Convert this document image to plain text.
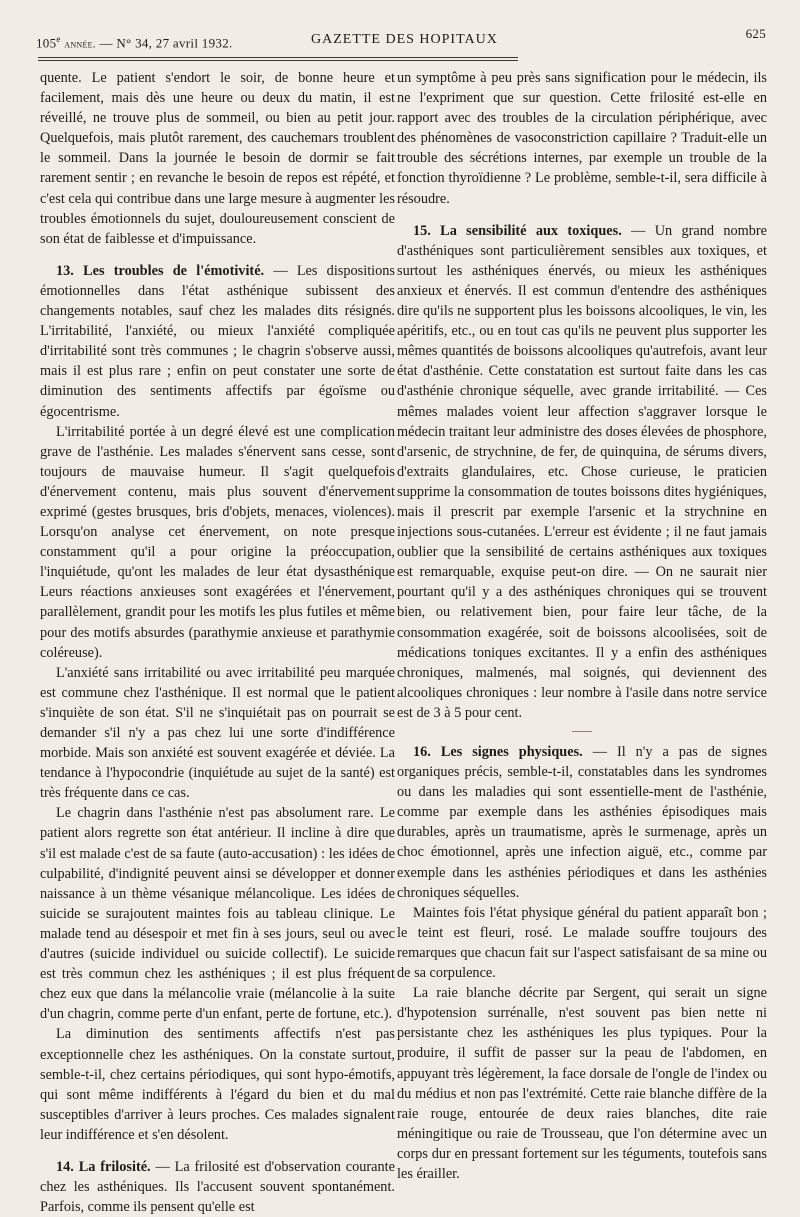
105e année. — N° 34, 27 avril 1932.	GAZETTE DES HOPITAUX	625

quente. Le patient s'endort le soir, de bonne heure et facilement, mais dès une heure ou deux du matin, il est réveillé, ne trouve plus de sommeil, ou bien au petit jour. Quelquefois, mais plutôt rarement, des cauchemars troublent le sommeil. Dans la journée le besoin de dormir se fait rarement sentir ; en revanche le besoin de repos est répété, et c'est cela qui contribue dans une large mesure à augmenter les troubles émotionnels du sujet, douloureusement conscient de son état de faiblesse et d'impuissance.

13. Les troubles de l'émotivité. — Les dispositions émotionnelles dans l'état asthénique subissent des changements notables, sauf chez les malades dits résignés. L'irritabilité, l'anxiété, ou mieux l'anxiété compliquée d'irritabilité sont très communes ; le chagrin s'observe aussi, mais il est plus rare ; enfin on peut constater une sorte de diminution des sentiments affectifs par égoïsme ou égocentrisme.

L'irritabilité portée à un degré élevé est une complication grave de l'asthénie. Les malades s'énervent sans cesse, sont toujours de mauvaise humeur. Il s'agit quelquefois d'énervement contenu, mais plus souvent d'énervement exprimé (gestes brusques, bris d'objets, menaces, violences). Lorsqu'on analyse cet énervement, on note presque constamment qu'il a pour origine la préoccupation, l'inquiétude, qu'ont les malades de leur état dysasthénique Leurs réactions anxieuses sont exagérées et l'énervement, parallèlement, grandit pour les motifs les plus futiles et même pour des motifs absurdes (parathymie anxieuse et parathymie coléreuse).

L'anxiété sans irritabilité ou avec irritabilité peu marquée est commune chez l'asthénique. Il est normal que le patient s'inquiète de son état. S'il ne s'inquiétait pas on pourrait se demander s'il n'y a pas chez lui une sorte d'indifférence morbide. Mais son anxiété est souvent exagérée et déviée. La tendance à l'hypocondrie (inquiétude au sujet de la santé) est très fréquente dans ce cas.

Le chagrin dans l'asthénie n'est pas absolument rare. Le patient alors regrette son état antérieur. Il incline à dire que s'il est malade c'est de sa faute (auto-accusation) : les idées de culpabilité, d'indignité peuvent ainsi se développer et donner naissance à un thème vésanique mélancolique. Les idées de suicide se surajoutent maintes fois au tableau clinique. Le malade tend au désespoir et met fin à ses jours, seul ou avec d'autres (suicide individuel ou suicide collectif). Le suicide est très commun chez les asthéniques ; il est plus fréquent chez eux que dans la mélancolie vraie (mélancolie à la suite d'un chagrin, comme perte d'un enfant, perte de fortune, etc.).

La diminution des sentiments affectifs n'est pas exceptionnelle chez les asthéniques. On la constate surtout, semble-t-il, chez certains périodiques, qui sont hypo-émotifs, qui sont même indifférents à l'égard du bien et du mal susceptibles d'arriver à leurs proches. Ces malades signalent leur indifférence et s'en désolent.

14. La frilosité. — La frilosité est d'observation courante chez les asthéniques. Ils l'accusent souvent spontanément. Parfois, comme ils pensent qu'elle est

un symptôme à peu près sans signification pour le médecin, ils ne l'expriment que sur question. Cette frilosité est-elle en rapport avec des troubles de la circulation périphérique, avec des phénomènes de vasoconstriction capillaire ? Traduit-elle un trouble des sécrétions internes, par exemple un trouble de la fonction thyroïdienne ? Le problème, semble-t-il, sera difficile à résoudre.

15. La sensibilité aux toxiques. — Un grand nombre d'asthéniques sont particulièrement sensibles aux toxiques, et surtout les asthéniques énervés, ou mieux les asthéniques anxieux et énervés. Il est commun d'entendre des asthéniques dire qu'ils ne supportent plus les boissons alcooliques, le vin, les apéritifs, etc., ou en tout cas qu'ils ne peuvent plus supporter les mêmes quantités de boissons alcooliques qu'autrefois, avant leur état d'asthénie. Cette constatation est surtout faite dans les cas d'asthénie chronique séquelle, avec grande irritabilité. — Ces mêmes malades voient leur affection s'aggraver lorsque le médecin traitant leur administre des doses élevées de phosphore, d'arsenic, de strychnine, de fer, de quinquina, de sérums divers, d'extraits glandulaires, etc. Chose curieuse, le praticien supprime la consommation de toutes boissons dites hygiéniques, mais il prescrit par exemple l'arsenic et la strychnine en injections sous-cutanées. L'erreur est évidente ; il ne faut jamais oublier que la sensibilité de certains asthéniques aux toxiques est remarquable, exquise peut-on dire. — On ne saurait nier pourtant qu'il y a des asthéniques chroniques qui se trouvent bien, ou relativement bien, pour faire leur tâche, de la consommation exagérée, soit de boissons alcoolisées, soit de médications toniques excitantes. Il y a enfin des asthéniques chroniques, malmenés, mal soignés, qui deviennent des alcooliques chroniques : leur nombre à l'asile dans notre service est de 3 à 5 pour cent.

16. Les signes physiques. — Il n'y a pas de signes organiques précis, semble-t-il, constatables dans les syndromes ou dans les maladies qui sont essentielle-ment de l'asthénie, comme par exemple dans les asthénies épisodiques mais durables, après un traumatisme, après le surmenage, après un choc émotionnel, après une infection aiguë, etc., comme par exemple dans les asthénies périodiques et dans les asthénies chroniques séquelles.

Maintes fois l'état physique général du patient apparaît bon ; le teint est fleuri, rosé. Le malade souffre toujours des remarques que chacun fait sur l'aspect satisfaisant de sa mine ou de sa corpulence.

La raie blanche décrite par Sergent, qui serait un signe d'hypotension surrénalle, n'est souvent pas bien nette ni persistante chez les asthéniques les plus typiques. Pour la produire, il suffit de passer sur la peau de l'abdomen, en appuyant très légèrement, la face dorsale de l'ongle de l'index ou du médius et non pas l'extrémité. Cette raie blanche diffère de la raie rouge, entourée de deux raies blanches, dite raie méningitique ou raie de Trousseau, que l'on détermine avec un corps dur en pressant fortement sur les téguments, toutefois sans les érailler.
